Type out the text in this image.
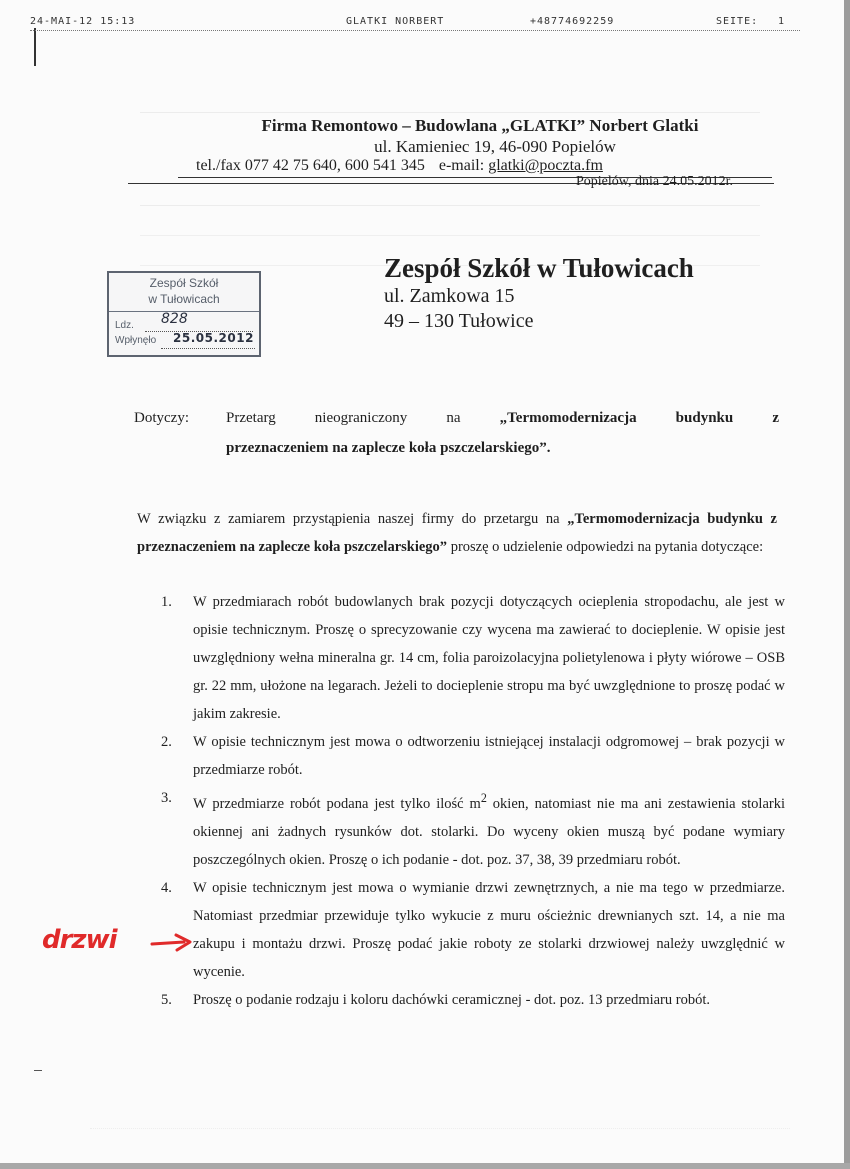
24-MAI-12 15:13	GLATKI NORBERT	+48774692259	SEITE: 1
Firma Remontowo – Budowlana „GLATKI” Norbert Glatki
ul. Kamieniec 19, 46-090 Popielów
tel./fax 077 42 75 640, 600 541 345 e-mail: glatki@poczta.fm
Popielów, dnia 24.05.2012r.
Zespół Szkół
w Tułowicach
Ldz. 828
Wpłynęło 25.05.2012
Zespół Szkół w Tułowicach
ul. Zamkowa 15
49 – 130 Tułowice
Dotyczy: Przetarg nieograniczony na	„Termomodernizacja budynku z
przeznaczeniem na zaplecze koła pszczelarskiego”.
W związku z zamiarem przystąpienia naszej firmy do przetargu na „Termomodernizacja budynku z przeznaczeniem na zaplecze koła pszczelarskiego” proszę o udzielenie odpowiedzi na pytania dotyczące:
1. W przedmiarach robót budowlanych brak pozycji dotyczących ocieplenia stropodachu, ale jest w opisie technicznym. Proszę o sprecyzowanie czy wycena ma zawierać to docieplenie. W opisie jest uwzględniony wełna mineralna gr. 14 cm, folia paroizolacyjna polietylenowa i płyty wiórowe – OSB gr. 22 mm, ułożone na legarach. Jeżeli to docieplenie stropu ma być uwzględnione to proszę podać w jakim zakresie.
2. W opisie technicznym jest mowa o odtworzeniu istniejącej instalacji odgromowej – brak pozycji w przedmiarze robót.
3. W przedmiarze robót podana jest tylko ilość $m^2$ okien, natomiast nie ma ani zestawienia stolarki okiennej ani żadnych rysunków dot. stolarki. Do wyceny okien muszą być podane wymiary poszczególnych okien. Proszę o ich podanie - dot. poz. 37, 38, 39 przedmiaru robót.
4. W opisie technicznym jest mowa o wymianie drzwi zewnętrznych, a nie ma tego w przedmiarze. Natomiast przedmiar przewiduje tylko wykucie z muru ościeżnic drewnianych szt. 14, a nie ma zakupu i montażu drzwi. Proszę podać jakie roboty ze stolarki drzwiowej należy uwzględnić w wycenie.
5. Proszę o podanie rodzaju i koloru dachówki ceramicznej - dot. poz. 13 przedmiaru robót.
drzwi
